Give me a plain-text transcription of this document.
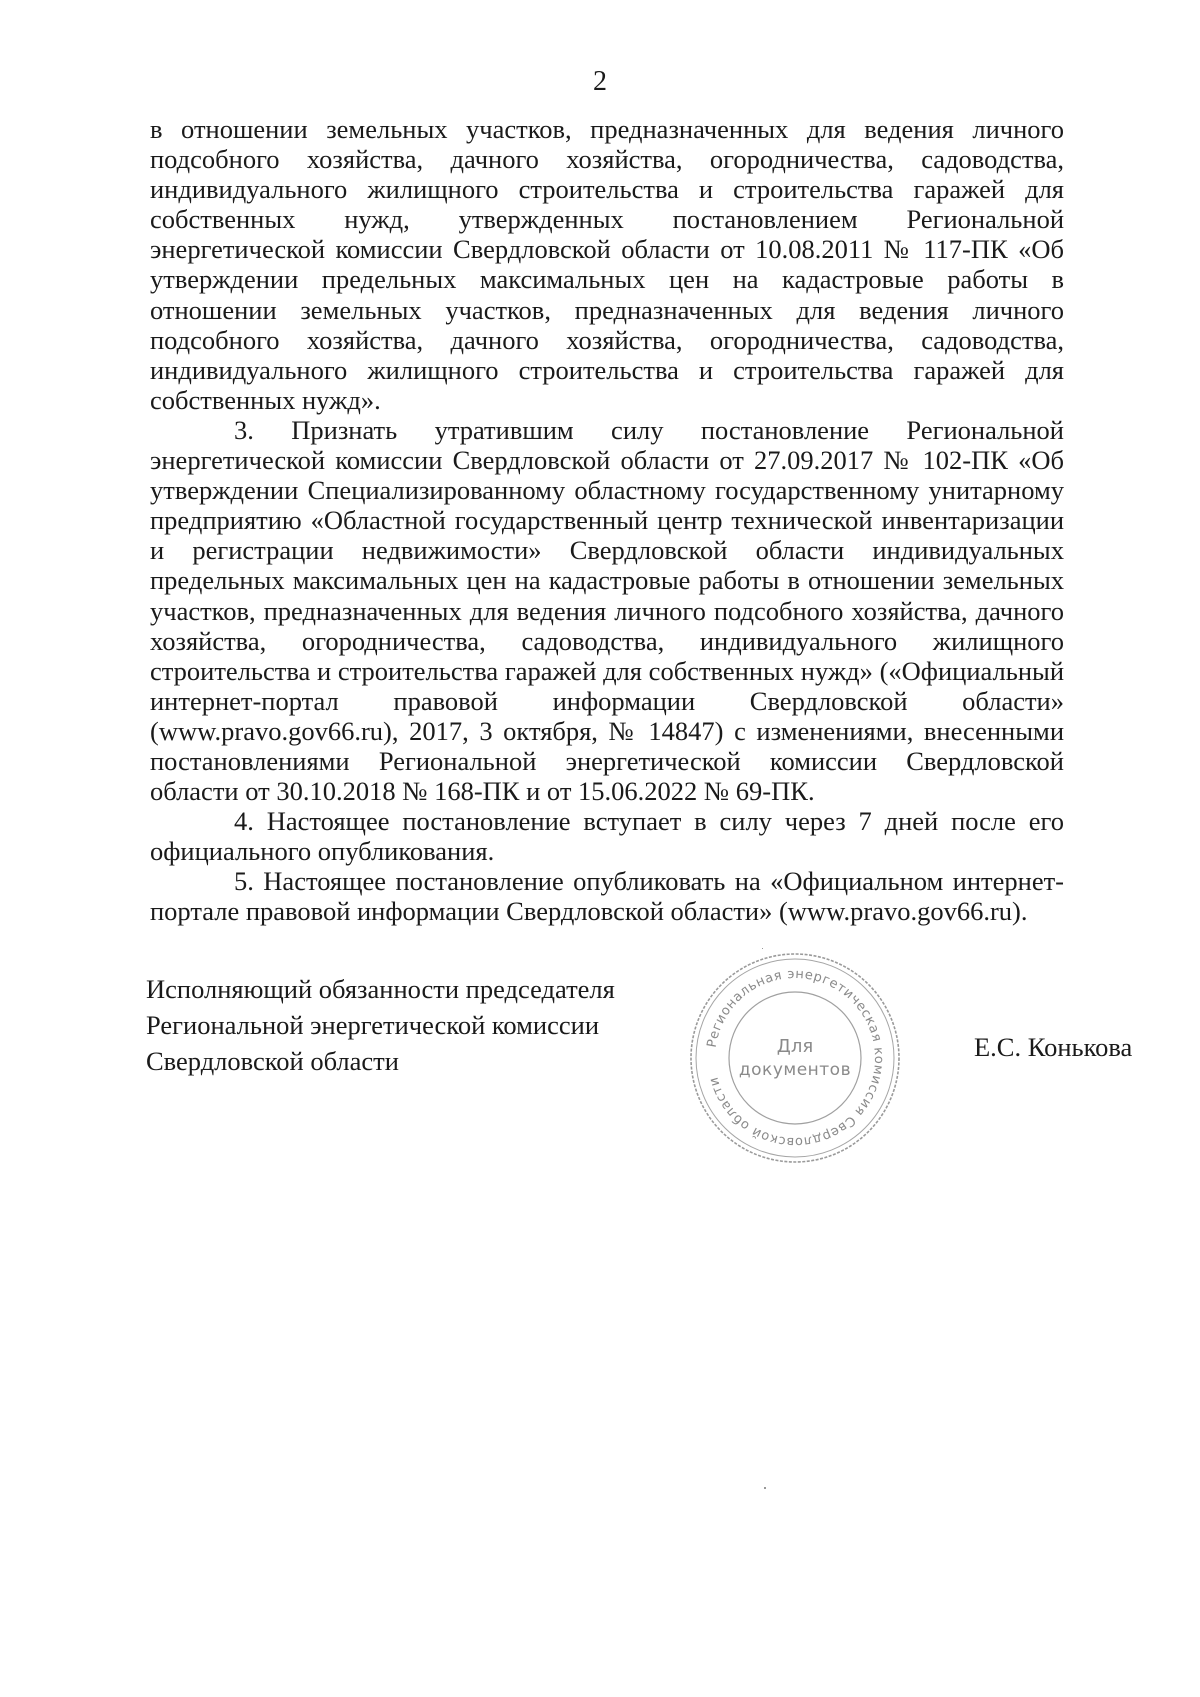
2

в отношении земельных участков, предназначенных для ведения личного подсобного хозяйства, дачного хозяйства, огородничества, садоводства, индивидуального жилищного строительства и строительства гаражей для собственных нужд, утвержденных постановлением Региональной энергетической комиссии Свердловской области от 10.08.2011 № 117-ПК «Об утверждении предельных максимальных цен на кадастровые работы в отношении земельных участков, предназначенных для ведения личного подсобного хозяйства, дачного хозяйства, огородничества, садоводства, индивидуального жилищного строительства и строительства гаражей для собственных нужд».

3. Признать утратившим силу постановление Региональной энергетической комиссии Свердловской области от 27.09.2017 № 102-ПК «Об утверждении Специализированному областному государственному унитарному предприятию «Областной государственный центр технической инвентаризации и регистрации недвижимости» Свердловской области индивидуальных предельных максимальных цен на кадастровые работы в отношении земельных участков, предназначенных для ведения личного подсобного хозяйства, дачного хозяйства, огородничества, садоводства, индивидуального жилищного строительства и строительства гаражей для собственных нужд» («Официальный интернет-портал правовой информации Свердловской области» (www.pravo.gov66.ru), 2017, 3 октября, № 14847) с изменениями, внесенными постановлениями Региональной энергетической комиссии Свердловской области от 30.10.2018 № 168-ПК и от 15.06.2022 № 69-ПК.

4. Настоящее постановление вступает в силу через 7 дней после его официального опубликования.

5. Настоящее постановление опубликовать на «Официальном интернет-портале правовой информации Свердловской области» (www.pravo.gov66.ru).

Исполняющий обязанности председателя
Региональной энергетической комиссии
Свердловской области
Региональная энергетическая комиссия Свердловской области
Для
документов
Е.С. Конькова
